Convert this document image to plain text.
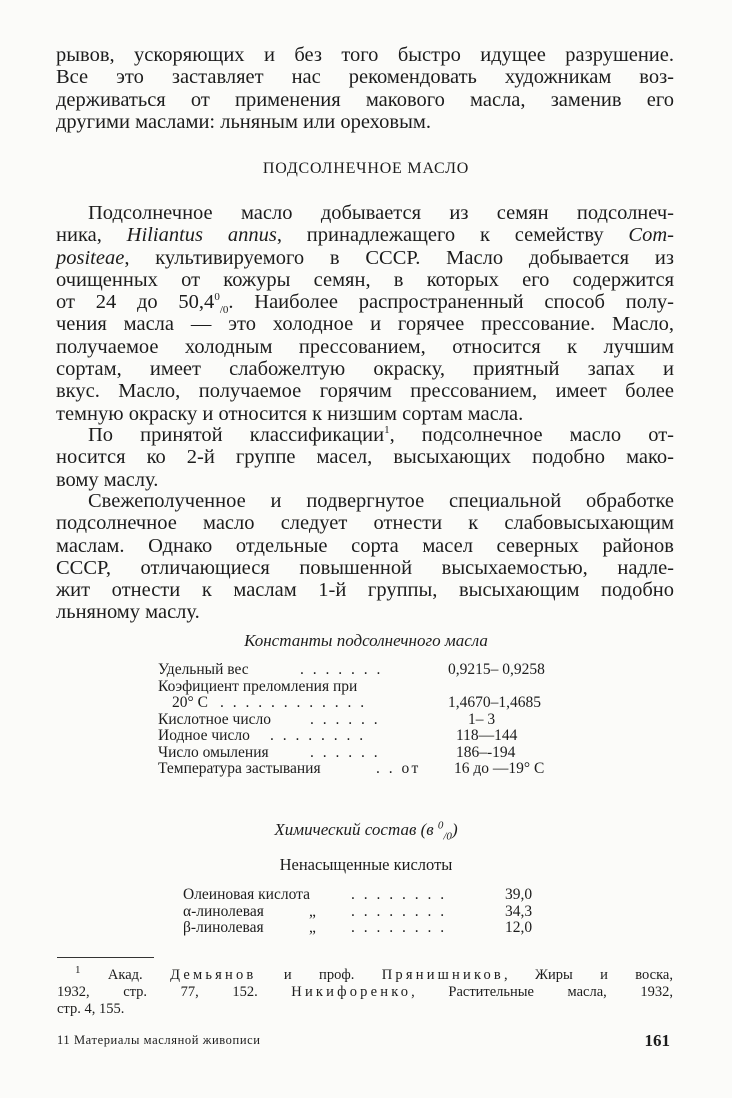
рывов, ускоряющих и без того быстро идущее разрушение.
Все это заставляет нас рекомендовать художникам воз-
держиваться от применения макового масла, заменив его
другими маслами: льняным или ореховым.
ПОДСОЛНЕЧНОЕ МАСЛО
Подсолнечное масло добывается из семян подсолнеч-
ника, Hiliantus annus, принадлежащего к семейству Com-
positeae, культивируемого в СССР. Масло добывается из
очищенных от кожуры семян, в которых его содержится
от 24 до $50,4^0_{/0}$. Наиболее распространенный способ полу-
чения масла — это холодное и горячее прессование. Масло,
получаемое холодным прессованием, относится к лучшим
сортам, имеет слабожелтую окраску, приятный запах и
вкус. Масло, получаемое горячим прессованием, имеет более
темную окраску и относится к низшим сортам масла.
По принятой классификации$^1$, подсолнечное масло от-
носится ко 2-й группе масел, высыхающих подобно мако-
вому маслу.
Свежеполученное и подвергнутое специальной обработке
подсолнечное масло следует отнести к слабовысыхающим
маслам. Однако отдельные сорта масел северных районов
СССР, отличающиеся повышенной высыхаемостью, надле-
жит отнести к маслам 1-й группы, высыхающим подобно
льняному маслу.
Константы подсолнечного масла
Удельный вес	. . . . . . .	0,9215– 0,9258
Коэфициент преломления при
20° С . . . . . . . . . . . .	1,4670–1,4685
Кислотное число	. . . . . .	1– 3
Иодное число . . . . . . . .	118—144
Число омыления	. . . . . .	186–-194
Температура застывания	. . от 16 до —19° С
Химический состав (в $^0_{/0}$)
Ненасыщенные кислоты
Олеиновая кислота	. . . . . . . .	39,0
α-линолевая	„ . . . . . . . .	34,3
β-линолевая	„ . . . . . . . .	12,0
$^1$ Акад. Демьянов и проф. Прянишников, Жиры и воска,
1932, стр. 77, 152. Никифоренко, Растительные масла, 1932,
стр. 4, 155.
11 Материалы масляной живописи	161
